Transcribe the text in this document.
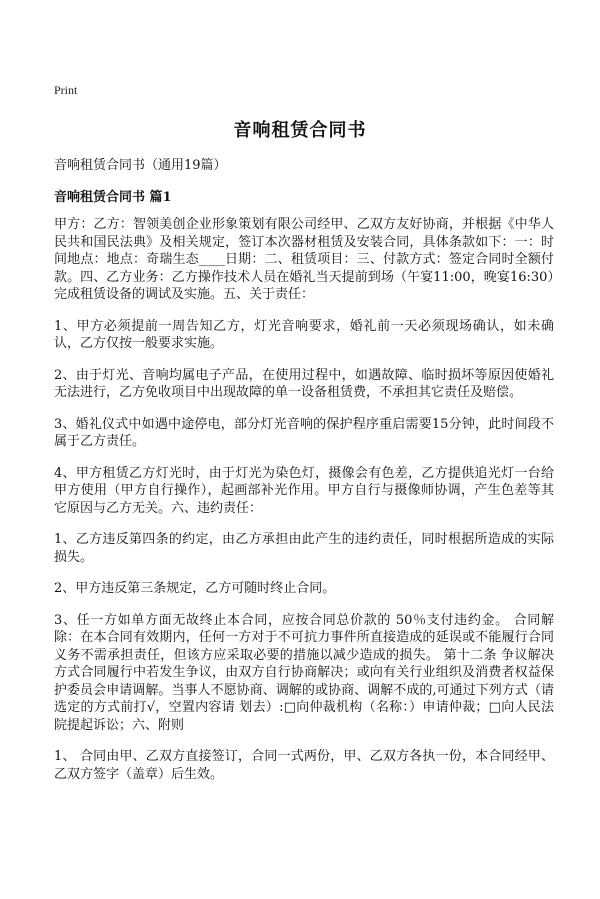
Print
音响租赁合同书
音响租赁合同书（通用19篇）
音响租赁合同书 篇1

甲方：乙方：智领美创企业形象策划有限公司经甲、乙双方友好协商，并根据《中华人民共和国民法典》及相关规定，签订本次器材租赁及安装合同，具体条款如下：一：时间地点：地点：奇瑞生态____日期：二、租赁项目：三、付款方式：签定合同时全额付款。四、乙方业务：乙方操作技术人员在婚礼当天提前到场（午宴11:00，晚宴16:30）完成租赁设备的调试及实施。五、关于责任：

1、甲方必须提前一周告知乙方，灯光音响要求，婚礼前一天必须现场确认，如未确认，乙方仅按一般要求实施。

2、由于灯光、音响均属电子产品，在使用过程中，如遇故障、临时损坏等原因使婚礼无法进行，乙方免收项目中出现故障的单一设备租赁费，不承担其它责任及赔偿。

3、婚礼仪式中如遇中途停电，部分灯光音响的保护程序重启需要15分钟，此时间段不属于乙方责任。

4、甲方租赁乙方灯光时，由于灯光为染色灯，摄像会有色差，乙方提供追光灯一台给甲方使用（甲方自行操作），起画部补光作用。甲方自行与摄像师协调，产生色差等其它原因与乙方无关。六、违约责任：

1、乙方违反第四条的约定，由乙方承担由此产生的违约责任，同时根据所造成的实际损失。

2、甲方违反第三条规定，乙方可随时终止合同。

3、任一方如单方面无故终止本合同，应按合同总价款的 50％支付违约金。 合同解除：在本合同有效期内，任何一方对于不可抗力事件所直接造成的延误或不能履行合同义务不需承担责任，但该方应采取必要的措施以减少造成的损失。 第十二条 争议解决方式合同履行中若发生争议，由双方自行协商解决；或向有关行业组织及消费者权益保护委员会申请调解。当事人不愿协商、调解的或协商、调解不成的,可通过下列方式（请选定的方式前打√，空置内容请 划去）:□向仲裁机构（名称：）申请仲裁；□向人民法院提起诉讼；六、附则

1、 合同由甲、乙双方直接签订，合同一式两份，甲、乙双方各执一份，本合同经甲、乙双方签字（盖章）后生效。
